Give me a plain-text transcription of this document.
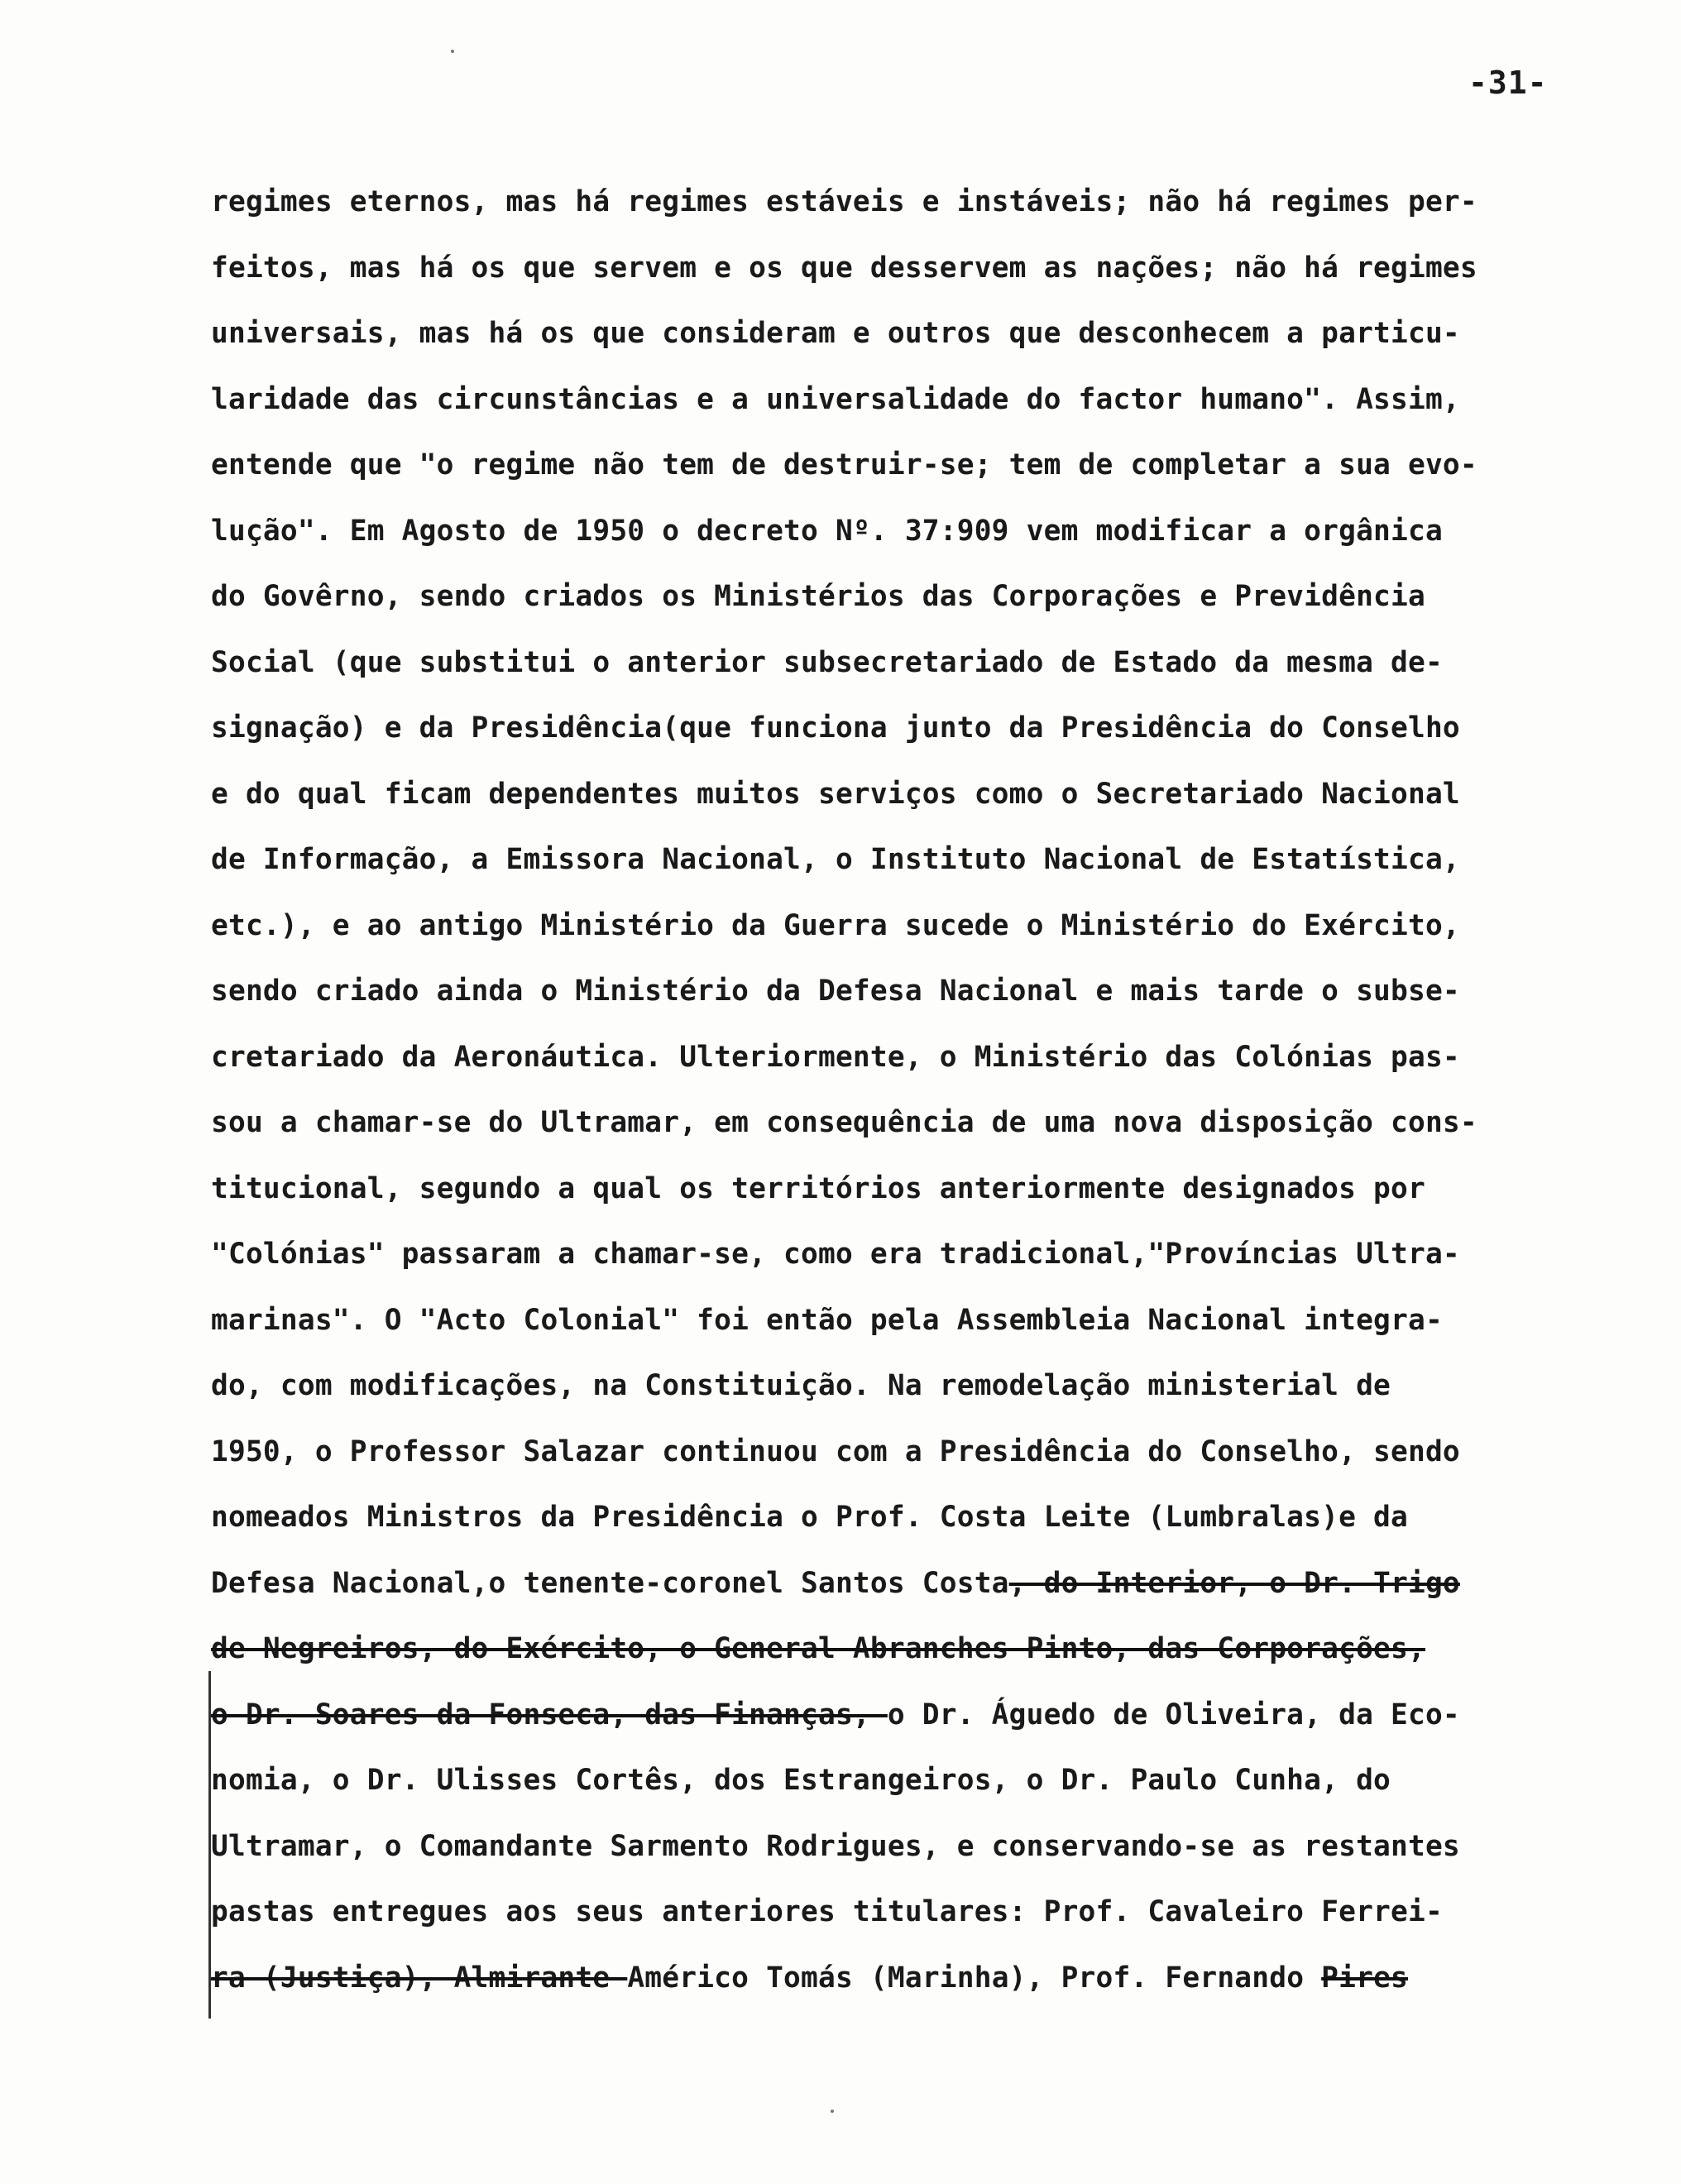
-31-
regimes eternos, mas há regimes estáveis e instáveis; não há regimes per-
feitos, mas há os que servem e os que desservem as nações; não há regimes
universais, mas há os que consideram e outros que desconhecem a particu-
laridade das circunstâncias e a universalidade do factor humano". Assim,
entende que "o regime não tem de destruir-se; tem de completar a sua evo-
lução". Em Agosto de 1950 o decreto Nº. 37:909 vem modificar a orgânica
do Govêrno, sendo criados os Ministérios das Corporações e Previdência
Social (que substitui o anterior subsecretariado de Estado da mesma de-
signação) e da Presidência(que funciona junto da Presidência do Conselho
e do qual ficam dependentes muitos serviços como o Secretariado Nacional
de Informação, a Emissora Nacional, o Instituto Nacional de Estatística,
etc.), e ao antigo Ministério da Guerra sucede o Ministério do Exército,
sendo criado ainda o Ministério da Defesa Nacional e mais tarde o subse-
cretariado da Aeronáutica. Ulteriormente, o Ministério das Colónias pas-
sou a chamar-se do Ultramar, em consequência de uma nova disposição cons-
titucional, segundo a qual os territórios anteriormente designados por
"Colónias" passaram a chamar-se, como era tradicional,"Províncias Ultra-
marinas". O "Acto Colonial" foi então pela Assembleia Nacional integra-
do, com modificações, na Constituição. Na remodelação ministerial de
1950, o Professor Salazar continuou com a Presidência do Conselho, sendo
nomeados Ministros da Presidência o Prof. Costa Leite (Lumbralas)e da
Defesa Nacional,o tenente-coronel Santos Costa, do Interior, o Dr. Trigo
de Negreiros, do Exército, o General Abranches Pinto, das Corporações,
o Dr. Soares da Fonseca, das Finanças, o Dr. Águedo de Oliveira, da Eco-
nomia, o Dr. Ulisses Cortês, dos Estrangeiros, o Dr. Paulo Cunha, do
Ultramar, o Comandante Sarmento Rodrigues, e conservando-se as restantes
pastas entregues aos seus anteriores titulares: Prof. Cavaleiro Ferrei-
ra (Justiça), Almirante Américo Tomás (Marinha), Prof. Fernando Pires
